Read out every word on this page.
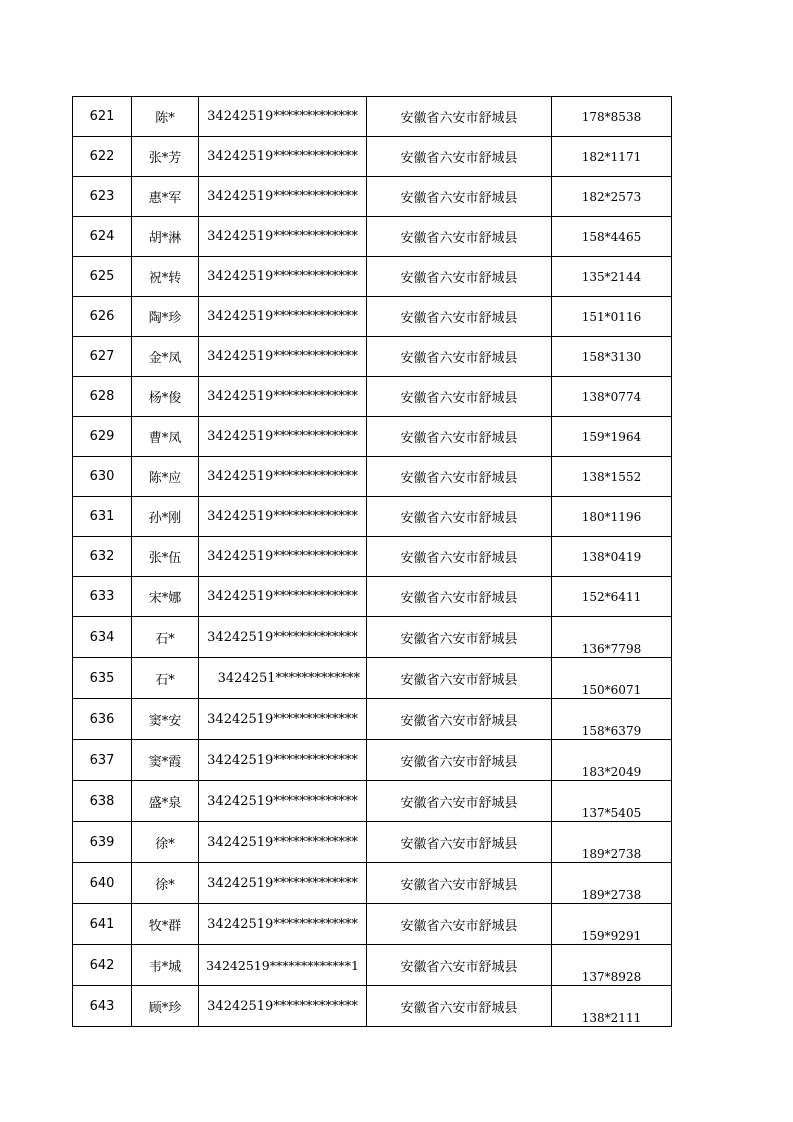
621	陈*	34242519*************	安徽省六安市舒城县	178*8538
622	张*芳	34242519*************	安徽省六安市舒城县	182*1171
623	惠*军	34242519*************	安徽省六安市舒城县	182*2573
624	胡*淋	34242519*************	安徽省六安市舒城县	158*4465
625	祝*转	34242519*************	安徽省六安市舒城县	135*2144
626	陶*珍	34242519*************	安徽省六安市舒城县	151*0116
627	金*凤	34242519*************	安徽省六安市舒城县	158*3130
628	杨*俊	34242519*************	安徽省六安市舒城县	138*0774
629	曹*凤	34242519*************	安徽省六安市舒城县	159*1964
630	陈*应	34242519*************	安徽省六安市舒城县	138*1552
631	孙*刚	34242519*************	安徽省六安市舒城县	180*1196
632	张*伍	34242519*************	安徽省六安市舒城县	138*0419
633	宋*娜	34242519*************	安徽省六安市舒城县	152*6411
634	石*	34242519*************	安徽省六安市舒城县	136*7798
635	石*	3424251*************	安徽省六安市舒城县	150*6071
636	窦*安	34242519*************	安徽省六安市舒城县	158*6379
637	窦*霞	34242519*************	安徽省六安市舒城县	183*2049
638	盛*泉	34242519*************	安徽省六安市舒城县	137*5405
639	徐*	34242519*************	安徽省六安市舒城县	189*2738
640	徐*	34242519*************	安徽省六安市舒城县	189*2738
641	牧*群	34242519*************	安徽省六安市舒城县	159*9291
642	韦*城	34242519*************1	安徽省六安市舒城县	137*8928
643	顾*珍	34242519*************	安徽省六安市舒城县	138*2111
